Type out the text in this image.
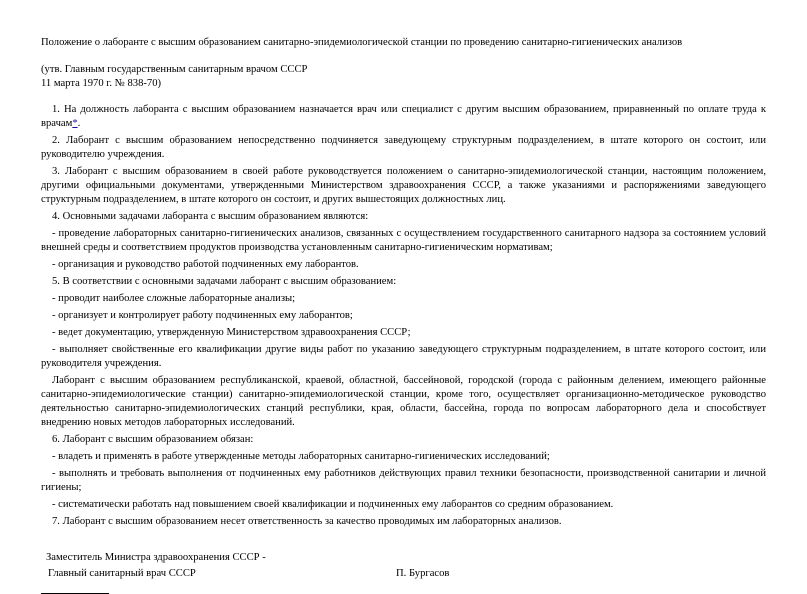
Положение о лаборанте с высшим образованием санитарно-эпидемиологической станции по проведению санитарно-гигиенических анализов
(утв. Главным государственным санитарным врачом СССР
11 марта 1970 г. № 838-70)

1. На должность лаборанта с высшим образованием назначается врач или специалист с другим высшим образованием, приравненный по оплате труда к врачам*.

2. Лаборант с высшим образованием непосредственно подчиняется заведующему структурным подразделением, в штате которого он состоит, или руководителю учреждения.

3. Лаборант с высшим образованием в своей работе руководствуется положением о санитарно-эпидемиологической станции, настоящим положением, другими официальными документами, утвержденными Министерством здравоохранения СССР, а также указаниями и распоряжениями заведующего структурным подразделением, в штате которого он состоит, и других вышестоящих должностных лиц.

4. Основными задачами лаборанта с высшим образованием являются:

- проведение лабораторных санитарно-гигиенических анализов, связанных с осуществлением государственного санитарного надзора за состоянием условий внешней среды и соответствием продуктов производства установленным санитарно-гигиеническим нормативам;

- организация и руководство работой подчиненных ему лаборантов.

5. В соответствии с основными задачами лаборант с высшим образованием:

- проводит наиболее сложные лабораторные анализы;

- организует и контролирует работу подчиненных ему лаборантов;

- ведет документацию, утвержденную Министерством здравоохранения СССР;

- выполняет свойственные его квалификации другие виды работ по указанию заведующего структурным подразделением, в штате которого состоит, или руководителя учреждения.

Лаборант с высшим образованием республиканской, краевой, областной, бассейновой, городской (города с районным делением, имеющего районные санитарно-эпидемиологические станции) санитарно-эпидемиологической станции, кроме того, осуществляет организационно-методическое руководство деятельностью санитарно-эпидемиологических станций республики, края, области, бассейна, города по вопросам лабораторного дела и способствует внедрению новых методов лабораторных исследований.

6. Лаборант с высшим образованием обязан:

- владеть и применять в работе утвержденные методы лабораторных санитарно-гигиенических исследований;

- выполнять и требовать выполнения от подчиненных ему работников действующих правил техники безопасности, производственной санитарии и личной гигиены;

- систематически работать над повышением своей квалификации и подчиненных ему лаборантов со средним образованием.

7. Лаборант с высшим образованием несет ответственность за качество проводимых им лабораторных анализов.

Заместитель Министра здравоохранения СССР -
Главный санитарный врач СССР	П. Бургасов
